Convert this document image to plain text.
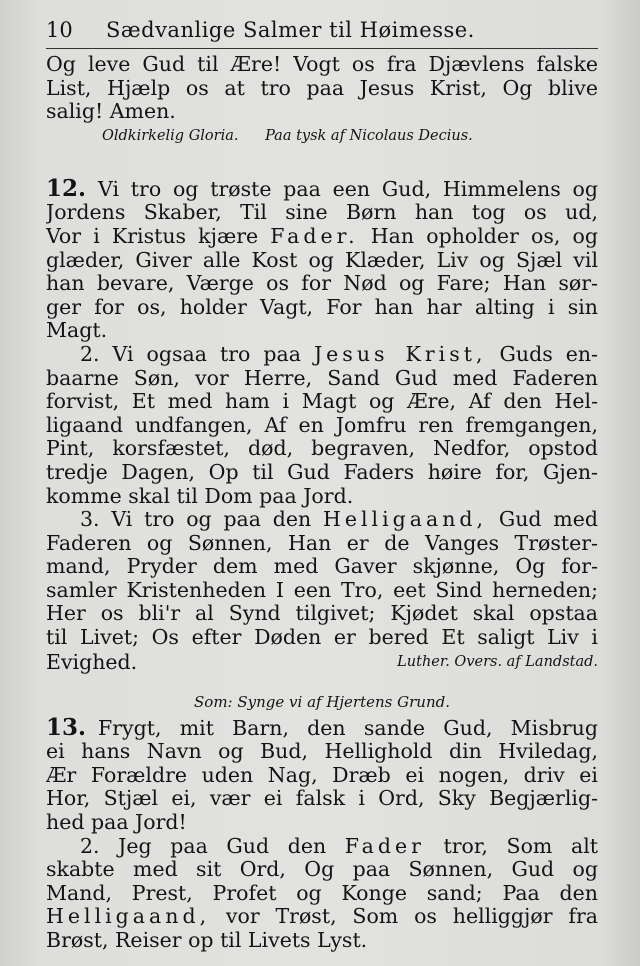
10	Sædvanlige Salmer til Høimesse.
Og leve Gud til Ære! Vogt os fra Djævlens falske
List, Hjælp os at tro paa Jesus Krist, Og blive
salig! Amen.
Oldkirkelig Gloria. Paa tysk af Nicolaus Decius.
12. Vi tro og trøste paa een Gud, Himmelens og
Jordens Skaber, Til sine Børn han tog os ud,
Vor i Kristus kjære Fader. Han opholder os, og
glæder, Giver alle Kost og Klæder, Liv og Sjæl vil
han bevare, Værge os for Nød og Fare; Han sør-
ger for os, holder Vagt, For han har alting i sin
Magt.
2. Vi ogsaa tro paa Jesus Krist, Guds en-
baarne Søn, vor Herre, Sand Gud med Faderen
forvist, Et med ham i Magt og Ære, Af den Hel-
ligaand undfangen, Af en Jomfru ren fremgangen,
Pint, korsfæstet, død, begraven, Nedfor, opstod
tredje Dagen, Op til Gud Faders høire for, Gjen-
komme skal til Dom paa Jord.
3. Vi tro og paa den Helligaand, Gud med
Faderen og Sønnen, Han er de Vanges Trøster-
mand, Pryder dem med Gaver skjønne, Og for-
samler Kristenheden I een Tro, eet Sind herneden;
Her os bli'r al Synd tilgivet; Kjødet skal opstaa
til Livet; Os efter Døden er bered Et saligt Liv i
Evighed.	Luther. Overs. af Landstad.
Som: Synge vi af Hjertens Grund.
13. Frygt, mit Barn, den sande Gud, Misbrug
ei hans Navn og Bud, Hellighold din Hviledag,
Ær Forældre uden Nag, Dræb ei nogen, driv ei
Hor, Stjæl ei, vær ei falsk i Ord, Sky Begjærlig-
hed paa Jord!
2. Jeg paa Gud den Fader tror, Som alt
skabte med sit Ord, Og paa Sønnen, Gud og
Mand, Prest, Profet og Konge sand; Paa den
Helligaand, vor Trøst, Som os helliggjør fra
Brøst, Reiser op til Livets Lyst.
